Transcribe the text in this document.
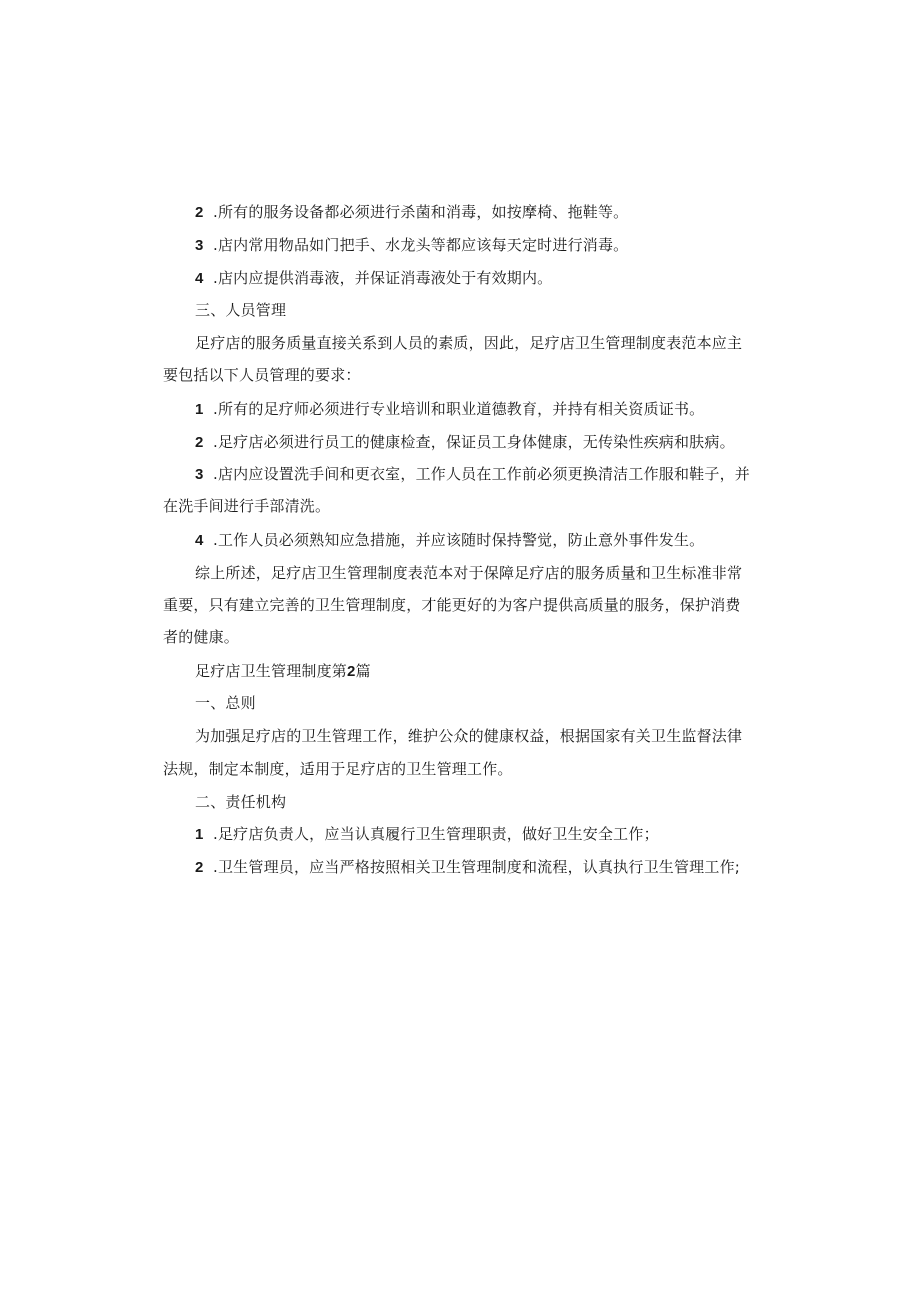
2 .所有的服务设备都必须进行杀菌和消毒，如按摩椅、拖鞋等。
3 .店内常用物品如门把手、水龙头等都应该每天定时进行消毒。
4 .店内应提供消毒液，并保证消毒液处于有效期内。
三、人员管理
足疗店的服务质量直接关系到人员的素质，因此，足疗店卫生管理制度表范本应主
要包括以下人员管理的要求：
1 .所有的足疗师必须进行专业培训和职业道德教育，并持有相关资质证书。
2 .足疗店必须进行员工的健康检查，保证员工身体健康，无传染性疾病和肤病。
3 .店内应设置洗手间和更衣室，工作人员在工作前必须更换清洁工作服和鞋子，并
在洗手间进行手部清洗。
4 .工作人员必须熟知应急措施，并应该随时保持警觉，防止意外事件发生。
综上所述，足疗店卫生管理制度表范本对于保障足疗店的服务质量和卫生标准非常
重要，只有建立完善的卫生管理制度，才能更好的为客户提供高质量的服务，保护消费
者的健康。
足疗店卫生管理制度第2篇
一、总则
为加强足疗店的卫生管理工作，维护公众的健康权益，根据国家有关卫生监督法律
法规，制定本制度，适用于足疗店的卫生管理工作。
二、责任机构
1 .足疗店负责人，应当认真履行卫生管理职责，做好卫生安全工作；
2 .卫生管理员，应当严格按照相关卫生管理制度和流程，认真执行卫生管理工作;
